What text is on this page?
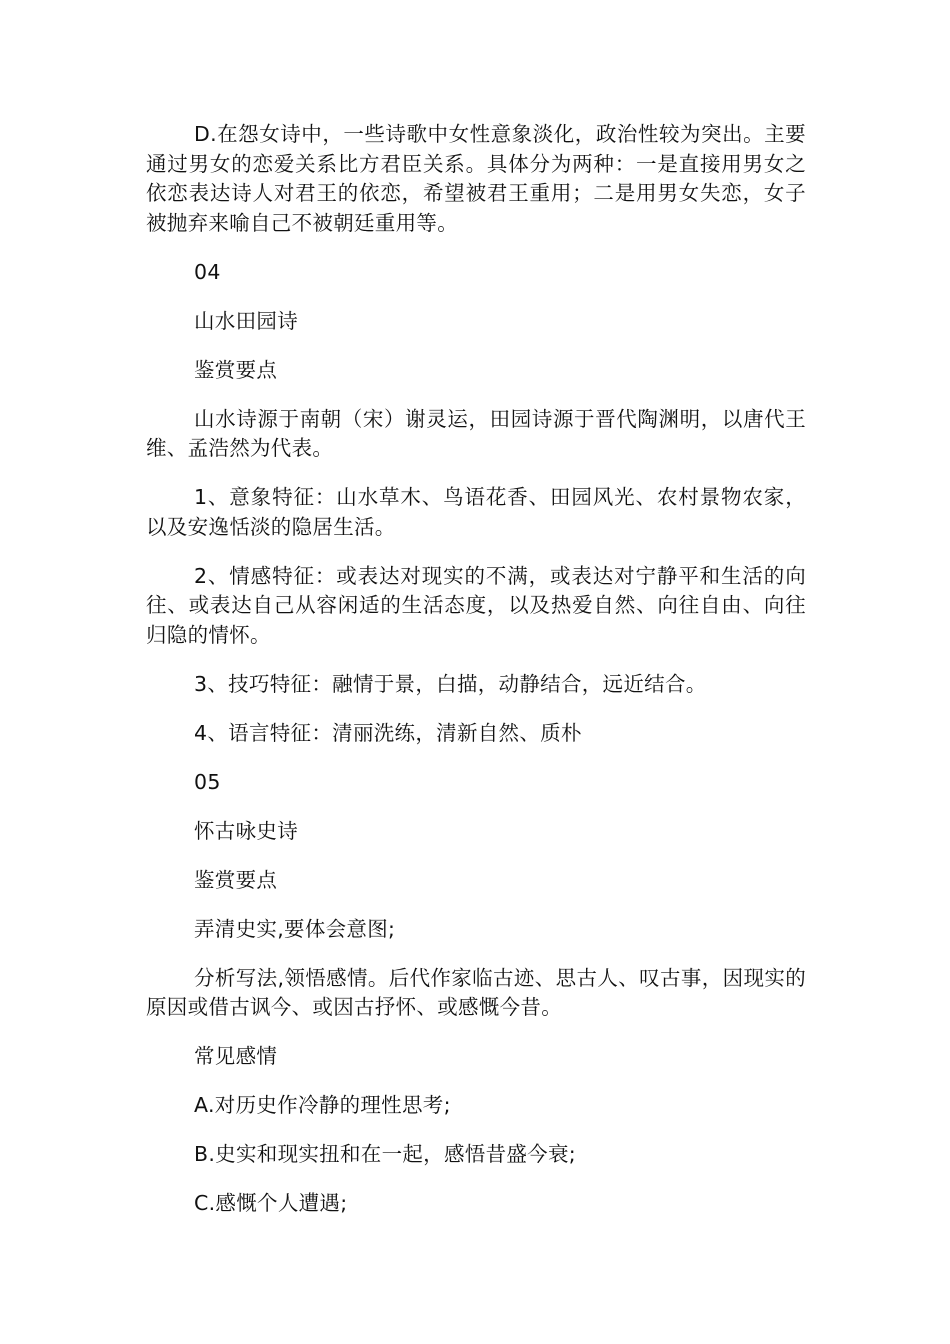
D.在怨女诗中，一些诗歌中女性意象淡化，政治性较为突出。主要通过男女的恋爱关系比方君臣关系。具体分为两种：一是直接用男女之依恋表达诗人对君王的依恋，希望被君王重用；二是用男女失恋，女子被抛弃来喻自己不被朝廷重用等。

04

山水田园诗

鉴赏要点

山水诗源于南朝（宋）谢灵运，田园诗源于晋代陶渊明，以唐代王维、孟浩然为代表。

1、意象特征：山水草木、鸟语花香、田园风光、农村景物农家，以及安逸恬淡的隐居生活。

2、情感特征：或表达对现实的不满，或表达对宁静平和生活的向往、或表达自己从容闲适的生活态度，以及热爱自然、向往自由、向往归隐的情怀。

3、技巧特征：融情于景，白描，动静结合，远近结合。

4、语言特征：清丽洗练，清新自然、质朴

05

怀古咏史诗

鉴赏要点

弄清史实,要体会意图;

分析写法,领悟感情。后代作家临古迹、思古人、叹古事，因现实的原因或借古讽今、或因古抒怀、或感慨今昔。

常见感情

A.对历史作冷静的理性思考;

B.史实和现实扭和在一起，感悟昔盛今衰;

C.感慨个人遭遇;
